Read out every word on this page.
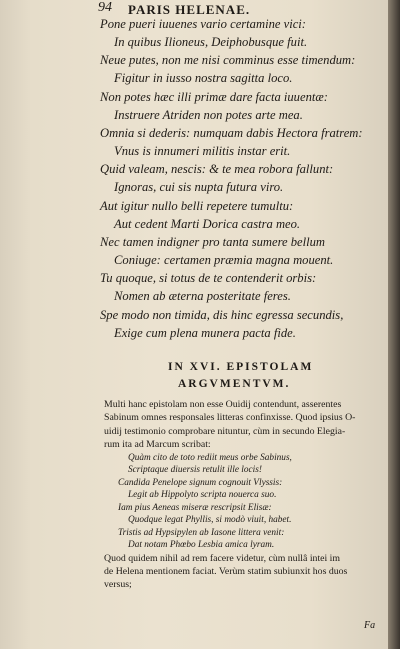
94 PARIS HELENAE.
Pone pueri iuuenes vario certamine vici:
In quibus Ilioneus, Deiphobusque fuit.
Neue putes, non me nisi comminus esse timendum:
Figitur in iusso nostra sagitta loco.
Non potes hæc illi primæ dare facta iuuentæ:
Instruere Atriden non potes arte mea.
Omnia si dederis: numquam dabis Hectora fratrem:
Vnus is innumeri militis instar erit.
Quid valeam, nescis: & te mea robora fallunt:
Ignoras, cui sis nupta futura viro.
Aut igitur nullo belli repetere tumultu:
Aut cedent Marti Dorica castra meo.
Nec tamen indigner pro tanta sumere bellum
Coniuge: certamen præmia magna mouent.
Tu quoque, si totus de te contenderit orbis:
Nomen ab æterna posteritate feres.
Spe modo non timida, dis hinc egressa secundis,
Exige cum plena munera pacta fide.
IN XVI. EPISTOLAM
ARGVMENTVM.
Multi hanc epistolam non esse Ouidij contendunt, asserentes
Sabinum omnes responsales litteras confinxisse. Quod ipsius O-
uidij testimonio comprobare nituntur, cùm in secundo Elegia-
rum ita ad Marcum scribat:
Quàm cito de toto rediit meus orbe Sabinus,
Scriptaque diuersis retulit ille locis!
Candida Penelope signum cognouit Vlyssis:
Legit ab Hippolyto scripta nouerca suo.
Iam pius Aeneas miseræ rescripsit Elisæ:
Quodque legat Phyllis, si modò viuit, habet.
Tristis ad Hypsipylen ab Iasone littera venit:
Dat notam Phœbo Lesbia amica lyram.
Quod quidem nihil ad rem facere videtur, cùm nullâ intei im
de Helena mentionem faciat. Verùm statim subiunxit hos duos
versus;
Fa
